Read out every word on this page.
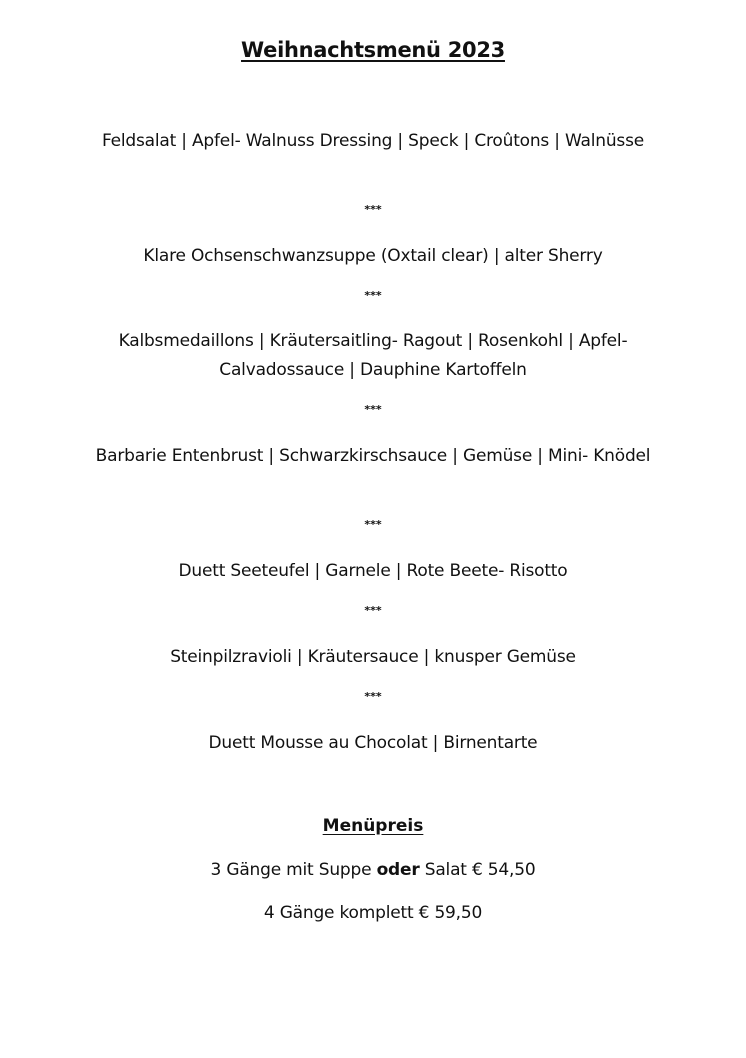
Weihnachtsmenü 2023
Feldsalat | Apfel- Walnuss Dressing | Speck | Croûtons | Walnüsse
***
Klare Ochsenschwanzsuppe (Oxtail clear) | alter Sherry
***
Kalbsmedaillons | Kräutersaitling- Ragout | Rosenkohl | Apfel- Calvadossauce | Dauphine Kartoffeln
***
Barbarie Entenbrust | Schwarzkirschsauce | Gemüse | Mini- Knödel
***
Duett Seeteufel | Garnele | Rote Beete- Risotto
***
Steinpilzravioli | Kräutersauce | knusper Gemüse
***
Duett Mousse au Chocolat | Birnentarte
Menüpreis
3 Gänge mit Suppe oder Salat € 54,50
4 Gänge komplett € 59,50
